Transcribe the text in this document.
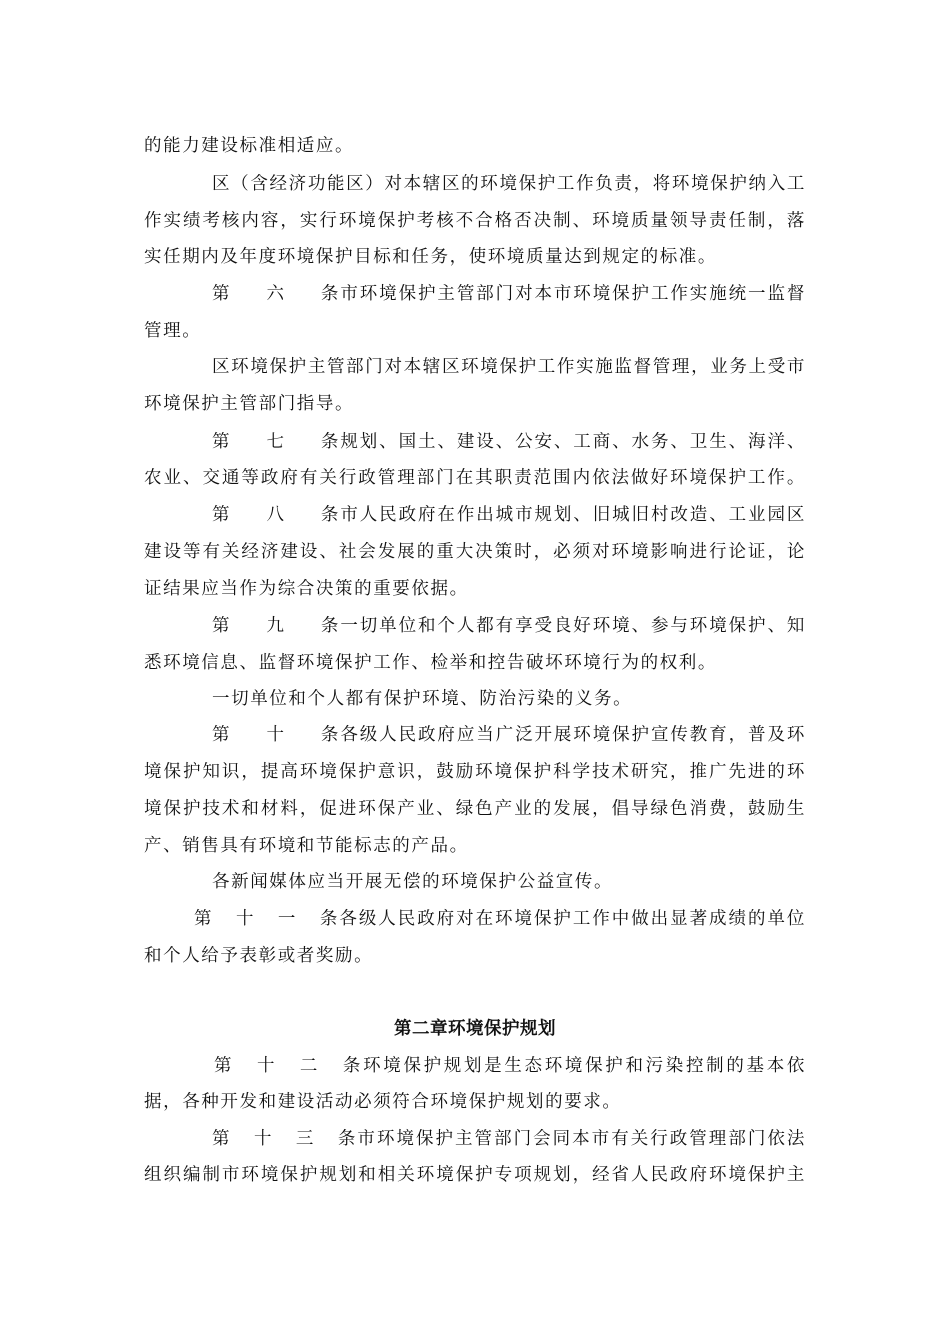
的能力建设标准相适应。
区（含经济功能区）对本辖区的环境保护工作负责，将环境保护纳入工
作实绩考核内容，实行环境保护考核不合格否决制、环境质量领导责任制，落
实任期内及年度环境保护目标和任务，使环境质量达到规定的标准。
第六条市环境保护主管部门对本市环境保护工作实施统一监督
管理。
区环境保护主管部门对本辖区环境保护工作实施监督管理，业务上受市
环境保护主管部门指导。
第七条规划、国土、建设、公安、工商、水务、卫生、海洋、
农业、交通等政府有关行政管理部门在其职责范围内依法做好环境保护工作。
第八条市人民政府在作出城市规划、旧城旧村改造、工业园区
建设等有关经济建设、社会发展的重大决策时，必须对环境影响进行论证，论
证结果应当作为综合决策的重要依据。
第九条一切单位和个人都有享受良好环境、参与环境保护、知
悉环境信息、监督环境保护工作、检举和控告破坏环境行为的权利。
一切单位和个人都有保护环境、防治污染的义务。
第十条各级人民政府应当广泛开展环境保护宣传教育，普及环
境保护知识，提高环境保护意识，鼓励环境保护科学技术研究，推广先进的环
境保护技术和材料，促进环保产业、绿色产业的发展，倡导绿色消费，鼓励生
产、销售具有环境和节能标志的产品。
各新闻媒体应当开展无偿的环境保护公益宣传。
第十一条各级人民政府对在环境保护工作中做出显著成绩的单位
和个人给予表彰或者奖励。
第二章环境保护规划
第十二条环境保护规划是生态环境保护和污染控制的基本依
据，各种开发和建设活动必须符合环境保护规划的要求。
第十三条市环境保护主管部门会同本市有关行政管理部门依法
组织编制市环境保护规划和相关环境保护专项规划，经省人民政府环境保护主
